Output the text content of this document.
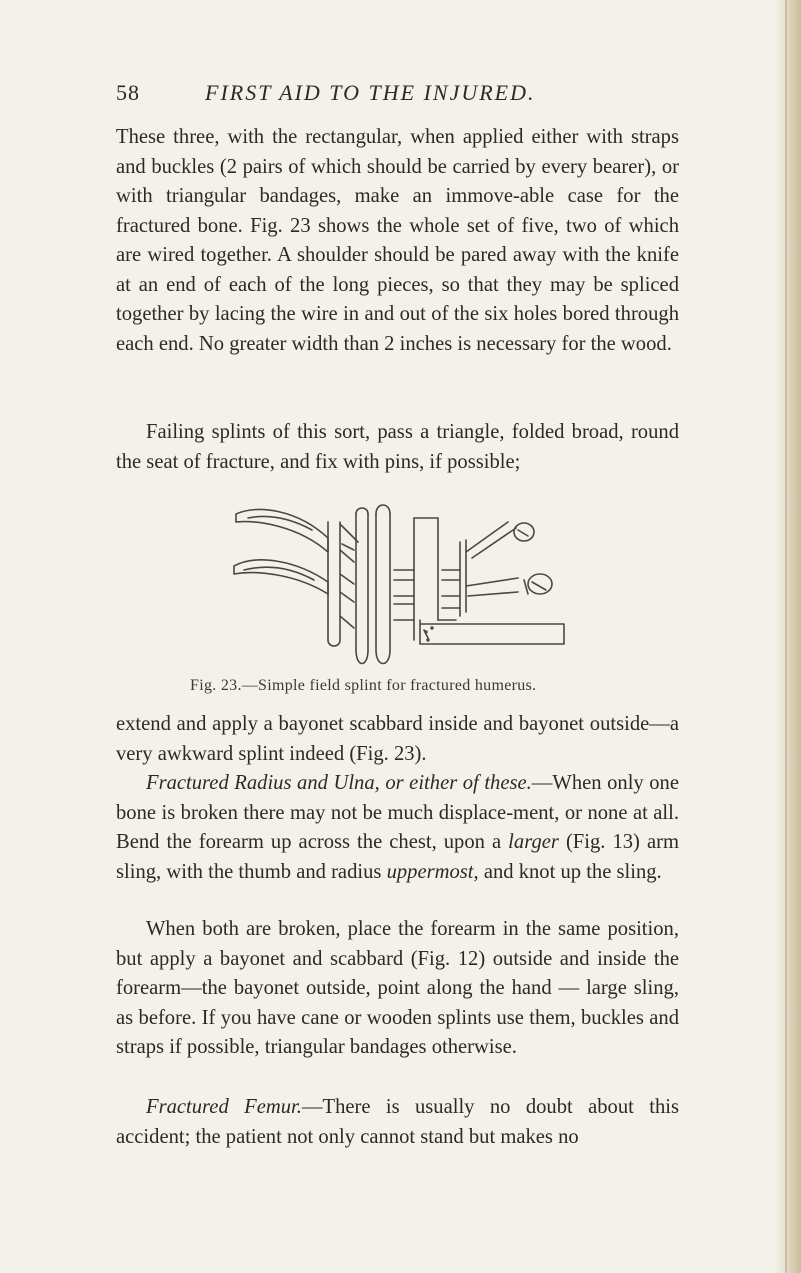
58	FIRST AID TO THE INJURED.

These three, with the rectangular, when applied either with straps and buckles (2 pairs of which should be carried by every bearer), or with triangular bandages, make an immove-able case for the fractured bone. Fig. 23 shows the whole set of five, two of which are wired together. A shoulder should be pared away with the knife at an end of each of the long pieces, so that they may be spliced together by lacing the wire in and out of the six holes bored through each end. No greater width than 2 inches is necessary for the wood.

Failing splints of this sort, pass a triangle, folded broad, round the seat of fracture, and fix with pins, if possible;

Fig. 23.—Simple field splint for fractured humerus.

extend and apply a bayonet scabbard inside and bayonet outside—a very awkward splint indeed (Fig. 23).

Fractured Radius and Ulna, or either of these.—When only one bone is broken there may not be much displace-ment, or none at all. Bend the forearm up across the chest, upon a larger (Fig. 13) arm sling, with the thumb and radius uppermost, and knot up the sling.

When both are broken, place the forearm in the same position, but apply a bayonet and scabbard (Fig. 12) outside and inside the forearm—the bayonet outside, point along the hand — large sling, as before. If you have cane or wooden splints use them, buckles and straps if possible, triangular bandages otherwise.

Fractured Femur.—There is usually no doubt about this accident; the patient not only cannot stand but makes no
